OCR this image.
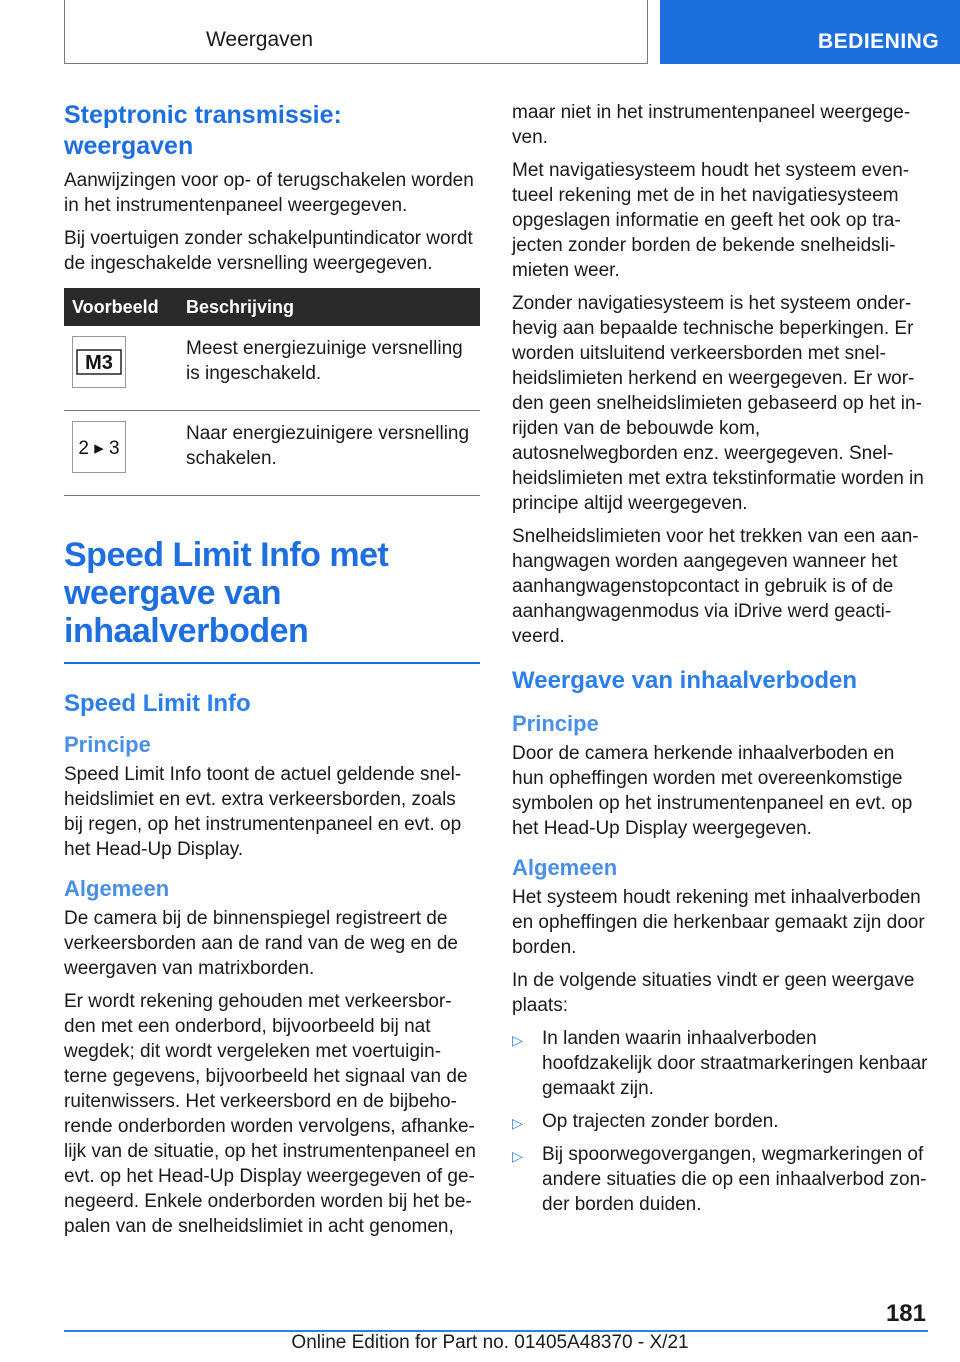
Weergaven	BEDIENING
Steptronic transmissie: weergaven

Aanwijzingen voor op- of terugschakelen worden in het instrumentenpaneel weergegeven.

Bij voertuigen zonder schakelpuntindicator wordt de ingeschakelde versnelling weergegeven.

Voorbeeld	Beschrijving

M3	Meest energiezuinige versnelling is ingeschakeld.

2 ▸ 3	Naar energiezuinigere versnelling schakelen.
Speed Limit Info met weergave van inhaalverboden
Speed Limit Info
Principe

Speed Limit Info toont de actuel geldende snel-heidslimiet en evt. extra verkeersborden, zoals bij regen, op het instrumentenpaneel en evt. op het Head-Up Display.

Algemeen

De camera bij de binnenspiegel registreert de verkeersborden aan de rand van de weg en de weergaven van matrixborden.

Er wordt rekening gehouden met verkeersbor-den met een onderbord, bijvoorbeeld bij nat wegdek; dit wordt vergeleken met voertuigin-terne gegevens, bijvoorbeeld het signaal van de ruitenwissers. Het verkeersbord en de bijbeho-rende onderborden worden vervolgens, afhanke-lijk van de situatie, op het instrumentenpaneel en evt. op het Head-Up Display weergegeven of ge-negeerd. Enkele onderborden worden bij het be-palen van de snelheidslimiet in acht genomen,

maar niet in het instrumentenpaneel weergege-ven.

Met navigatiesysteem houdt het systeem even-tueel rekening met de in het navigatiesysteem opgeslagen informatie en geeft het ook op tra-jecten zonder borden de bekende snelheidsli-mieten weer.

Zonder navigatiesysteem is het systeem onder-hevig aan bepaalde technische beperkingen. Er worden uitsluitend verkeersborden met snel-heidslimieten herkend en weergegeven. Er wor-den geen snelheidslimieten gebaseerd op het in-rijden van de bebouwde kom, autosnelwegborden enz. weergegeven. Snel-heidslimieten met extra tekstinformatie worden in principe altijd weergegeven.

Snelheidslimieten voor het trekken van een aan-hangwagen worden aangegeven wanneer het aanhangwagenstopcontact in gebruik is of de aanhangwagenmodus via iDrive werd geacti-veerd.

Weergave van inhaalverboden
Principe

Door de camera herkende inhaalverboden en hun opheffingen worden met overeenkomstige symbolen op het instrumentenpaneel en evt. op het Head-Up Display weergegeven.

Algemeen

Het systeem houdt rekening met inhaalverboden en opheffingen die herkenbaar gemaakt zijn door borden.

In de volgende situaties vindt er geen weergave plaats:

▷ In landen waarin inhaalverboden hoofdzakelijk door straatmarkeringen kenbaar gemaakt zijn.
▷ Op trajecten zonder borden.
▷ Bij spoorwegovergangen, wegmarkeringen of andere situaties die op een inhaalverbod zon-der borden duiden.
181
Online Edition for Part no. 01405A48370 - X/21
